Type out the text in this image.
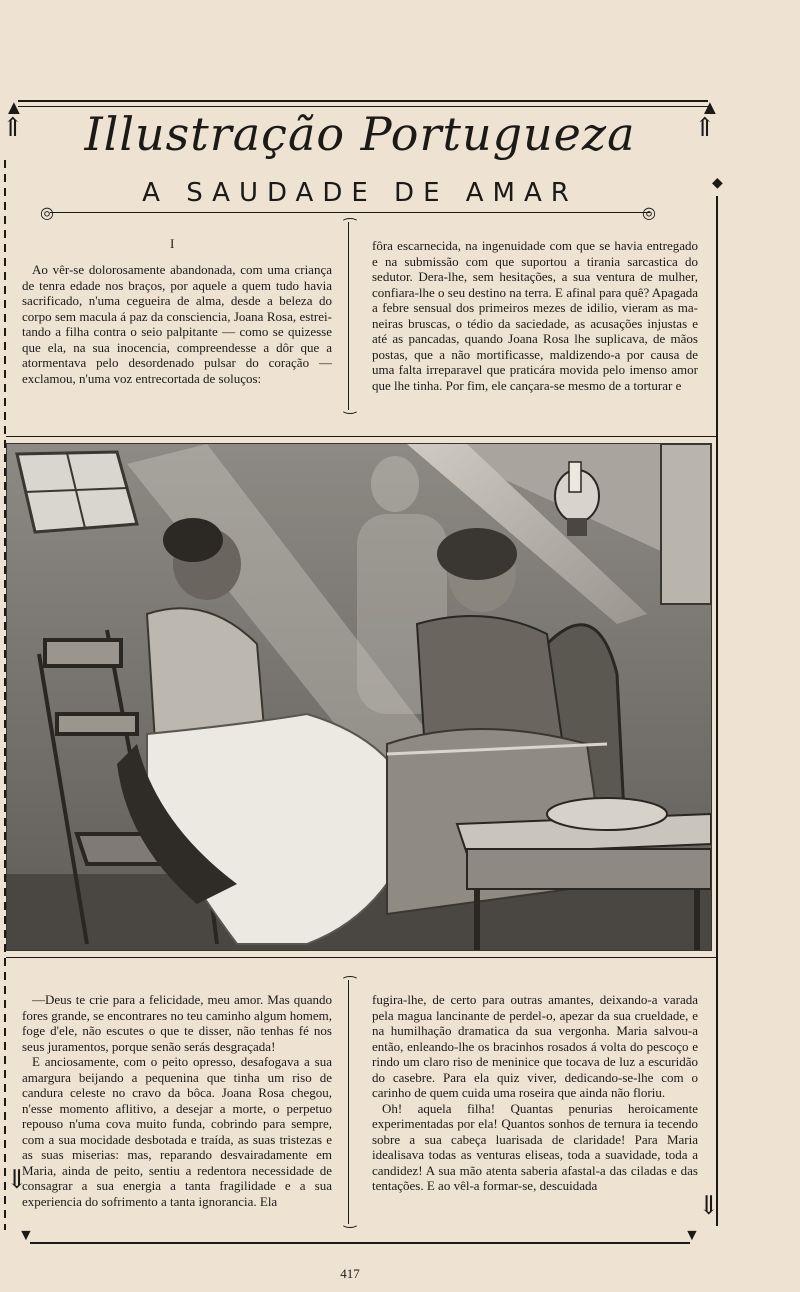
▲
⇑
▲
⇑
◆
⇓
⇓
▼	▼
Illustração Portugueza
A SAUDADE DE AMAR
◎	◎
I

Ao vêr-se dolorosamente abandonada, com uma criança de tenra edade nos braços, por aquele a quem tudo havia sacrificado, n'uma cegueira de alma, desde a beleza do corpo sem macula á paz da consciencia, Joana Rosa, estreitando a filha contra o seio palpitante — como se quizesse que ela, na sua inocencia, compreendesse a dôr que a atormentava pelo desordenado pulsar do coração — exclamou, n'uma voz entrecortada de soluços:

fôra escarnecida, na ingenuidade com que se havia entregado e na submissão com que suportou a tirania sarcastica do sedutor. Dera-lhe, sem hesitações, a sua ventura de mulher, confiara-lhe o seu destino na terra. E afinal para quê? Apagada a febre sensual dos primeiros mezes de idilio, vieram as maneiras bruscas, o tédio da saciedade, as acusações injustas e até as pancadas, quando Joana Rosa lhe suplicava, de mãos postas, que a não mortificasse, maldizendo-a por causa de uma falta irreparavel que praticára movida pelo imenso amor que lhe tinha. Por fim, ele cançara-se mesmo de a torturar e

—Deus te crie para a felicidade, meu amor. Mas quando fores grande, se encontrares no teu caminho algum homem, foge d'ele, não escutes o que te disser, não tenhas fé nos seus juramentos, porque senão serás desgraçada!

E anciosamente, com o peito opresso, desafogava a sua amargura beijando a pequenina que tinha um riso de candura celeste no cravo da bôca. Joana Rosa chegou, n'esse momento aflitivo, a desejar a morte, o perpetuo repouso n'uma cova muito funda, cobrindo para sempre, com a sua mocidade desbotada e traída, as suas tristezas e as suas miserias: mas, reparando desvairadamente em Maria, ainda de peito, sentiu a redentora necessidade de consagrar a sua energia a tanta fragilidade e a sua experiencia do sofrimento a tanta ignorancia. Ela

fugira-lhe, de certo para outras amantes, deixando-a varada pela magua lancinante de perdel-o, apezar da sua crueldade, e na humilhação dramatica da sua vergonha. Maria salvou-a então, enleando-lhe os bracinhos rosados á volta do pescoço e rindo um claro riso de meninice que tocava de luz a escuridão do casebre. Para ela quiz viver, dedicando-se-lhe com o carinho de quem cuida uma roseira que ainda não floriu.

Oh! aquela filha! Quantas penurias heroicamente experimentadas por ela! Quantos sonhos de ternura ia tecendo sobre a sua cabeça luarisada de claridade! Para Maria idealisava todas as venturas eliseas, toda a suavidade, toda a candidez! A sua mão atenta saberia afastal-a das ciladas e das tentações. E ao vêl-a formar-se, descuidada

417
